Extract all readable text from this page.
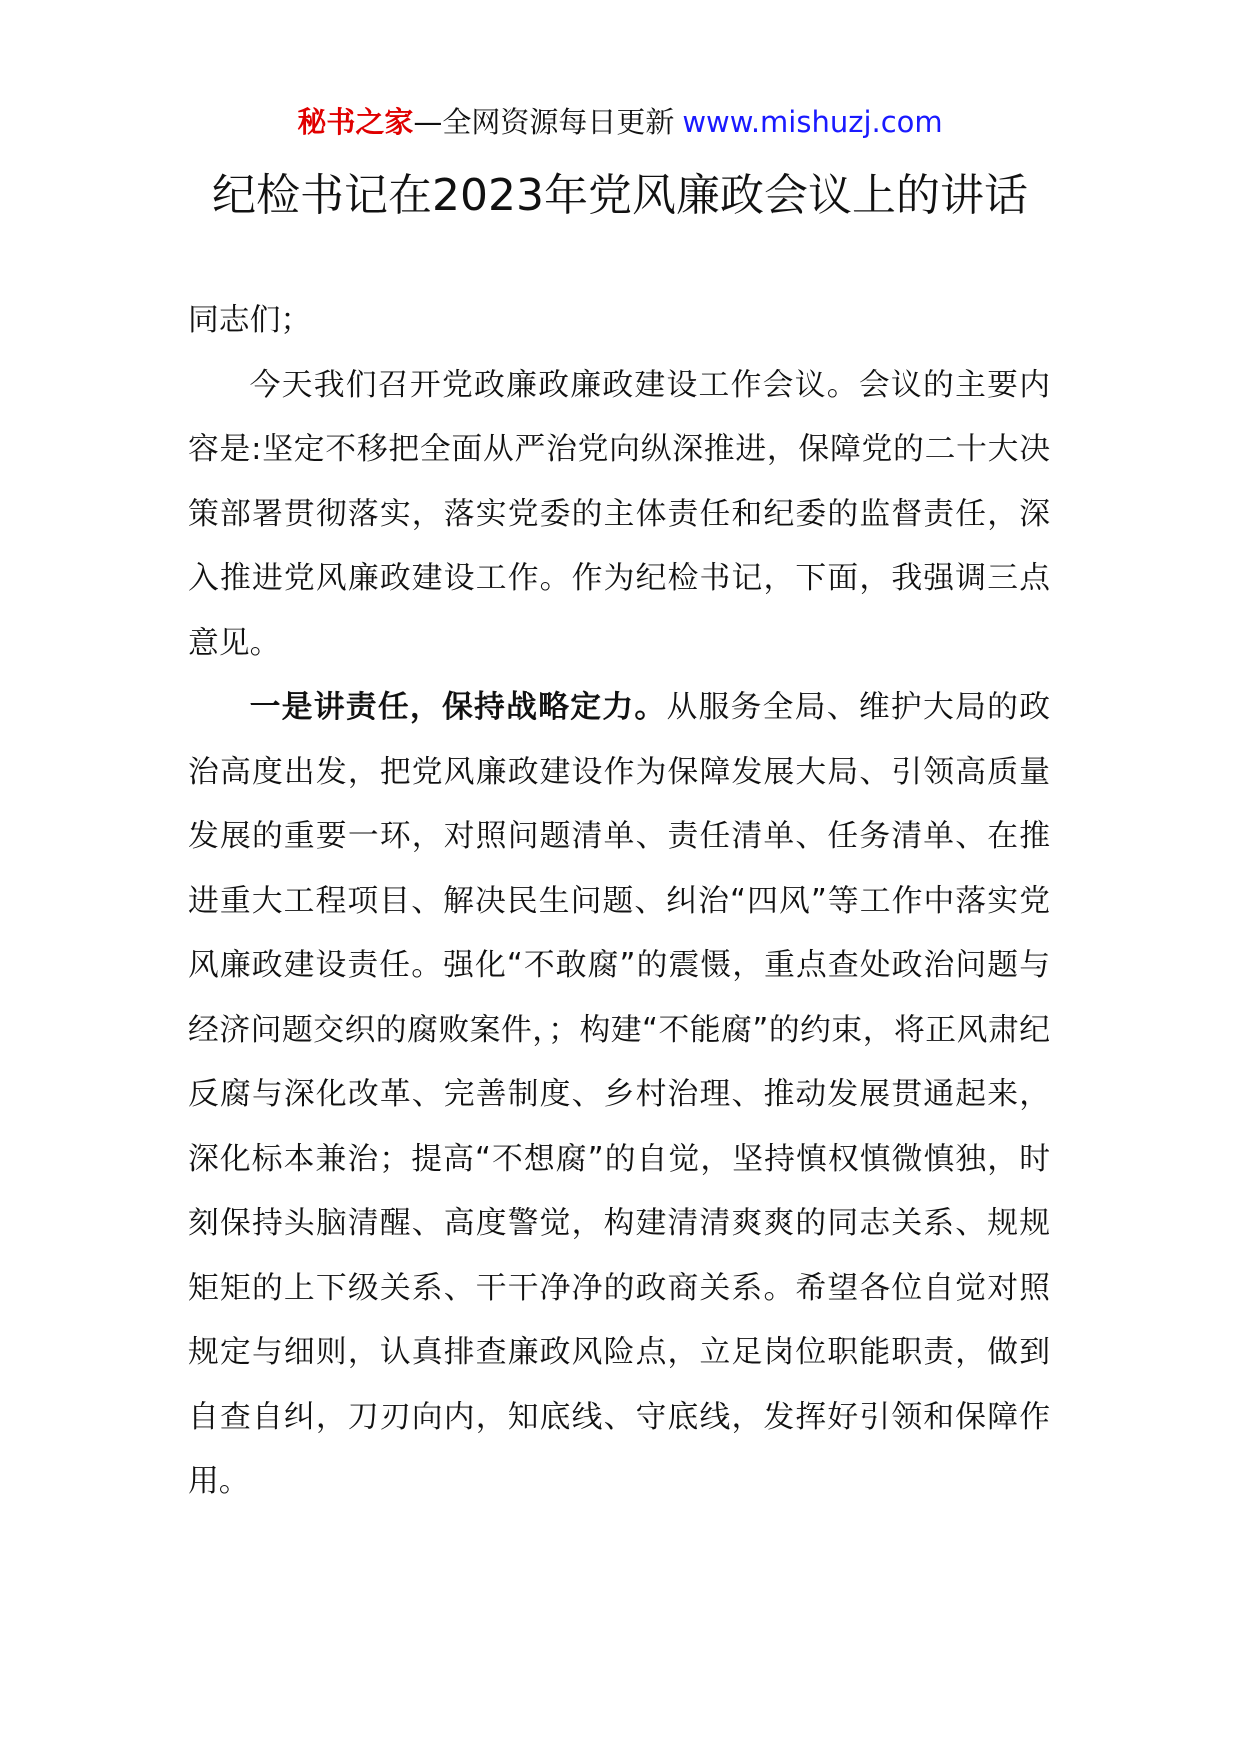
秘书之家—全网资源每日更新 www.mishuzj.com
纪检书记在2023年党风廉政会议上的讲话

同志们；

今天我们召开党政廉政廉政建设工作会议。会议的主要内容是:坚定不移把全面从严治党向纵深推进，保障党的二十大决策部署贯彻落实，落实党委的主体责任和纪委的监督责任，深入推进党风廉政建设工作。作为纪检书记，下面，我强调三点意见。

一是讲责任，保持战略定力。从服务全局、维护大局的政治高度出发，把党风廉政建设作为保障发展大局、引领高质量发展的重要一环，对照问题清单、责任清单、任务清单、在推进重大工程项目、解决民生问题、纠治“四风”等工作中落实党风廉政建设责任。强化“不敢腐”的震慑，重点查处政治问题与经济问题交织的腐败案件，；构建“不能腐”的约束，将正风肃纪反腐与深化改革、完善制度、乡村治理、推动发展贯通起来，深化标本兼治；提高“不想腐”的自觉，坚持慎权慎微慎独，时刻保持头脑清醒、高度警觉，构建清清爽爽的同志关系、规规矩矩的上下级关系、干干净净的政商关系。希望各位自觉对照规定与细则，认真排查廉政风险点，立足岗位职能职责，做到自查自纠，刀刃向内，知底线、守底线，发挥好引领和保障作用。
